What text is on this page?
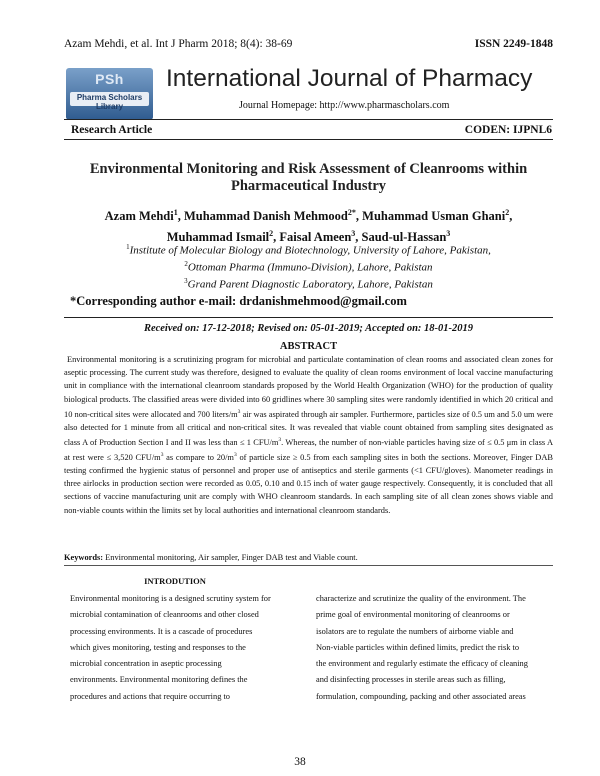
Azam Mehdi, et al. Int J Pharm 2018; 8(4): 38-69	ISSN 2249-1848
PSh
Pharma Scholars Library
International Journal of Pharmacy
Journal Homepage: http://www.pharmascholars.com
Research Article	CODEN: IJPNL6
Environmental Monitoring and Risk Assessment of Cleanrooms within Pharmaceutical Industry
Azam Mehdi$^1$, Muhammad Danish Mehmood$^{2*}$, Muhammad Usman Ghani$^2$,
Muhammad Ismail$^2$, Faisal Ameen$^3$, Saud-ul-Hassan$^3$
$^1$Institute of Molecular Biology and Biotechnology, University of Lahore, Pakistan,
$^2$Ottoman Pharma (Immuno-Division), Lahore, Pakistan
$^3$Grand Parent Diagnostic Laboratory, Lahore, Pakistan
*Corresponding author e-mail: drdanishmehmood@gmail.com
Received on: 17-12-2018; Revised on: 05-01-2019; Accepted on: 18-01-2019
ABSTRACT
Environmental monitoring is a scrutinizing program for microbial and particulate contamination of clean rooms and associated clean zones for aseptic processing. The current study was therefore, designed to evaluate the quality of clean rooms environment of local vaccine manufacturing unit in compliance with the international cleanroom standards proposed by the World Health Organization (WHO) for the production of quality biological products. The classified areas were divided into 60 gridlines where 30 sampling sites were randomly identified in which 20 critical and 10 non-critical sites were allocated and 700 liters/$m^3$ air was aspirated through air sampler. Furthermore, particles size of 0.5 um and 5.0 um were also detected for 1 minute from all critical and non-critical sites. It was revealed that viable count obtained from sampling sites designated as class A of Production Section I and II was less than ≤ 1 CFU/$m^3$. Whereas, the number of non-viable particles having size of ≤ 0.5 μm in class A at rest were ≤ 3,520 CFU/$m^3$ as compare to $20/m^3$ of particle size ≥ 0.5 from each sampling sites in both the sections. Moreover, Finger DAB testing confirmed the hygienic status of personnel and proper use of antiseptics and sterile garments (<1 CFU/gloves). Manometer readings in three airlocks in production section were recorded as 0.05, 0.10 and 0.15 inch of water gauge respectively. Consequently, it is concluded that all sections of vaccine manufacturing unit are comply with WHO cleanroom standards. In each sampling site of all clean zones shows viable and non-viable counts within the limits set by local authorities and international cleanroom standards.
Keywords: Environmental monitoring, Air sampler, Finger DAB test and Viable count.
INTRODUTION
Environmental monitoring is a designed scrutiny system for
microbial contamination of cleanrooms and other closed
processing environments. It is a cascade of procedures
which gives monitoring, testing and responses to the
microbial concentration in aseptic processing
environments. Environmental monitoring defines the
procedures and actions that require occurring to
characterize and scrutinize the quality of the environment. The
prime goal of environmental monitoring of cleanrooms or
isolators are to regulate the numbers of airborne viable and
Non-viable particles within defined limits, predict the risk to
the environment and regularly estimate the efficacy of cleaning
and disinfecting processes in sterile areas such as filling,
formulation, compounding, packing and other associated areas
38
